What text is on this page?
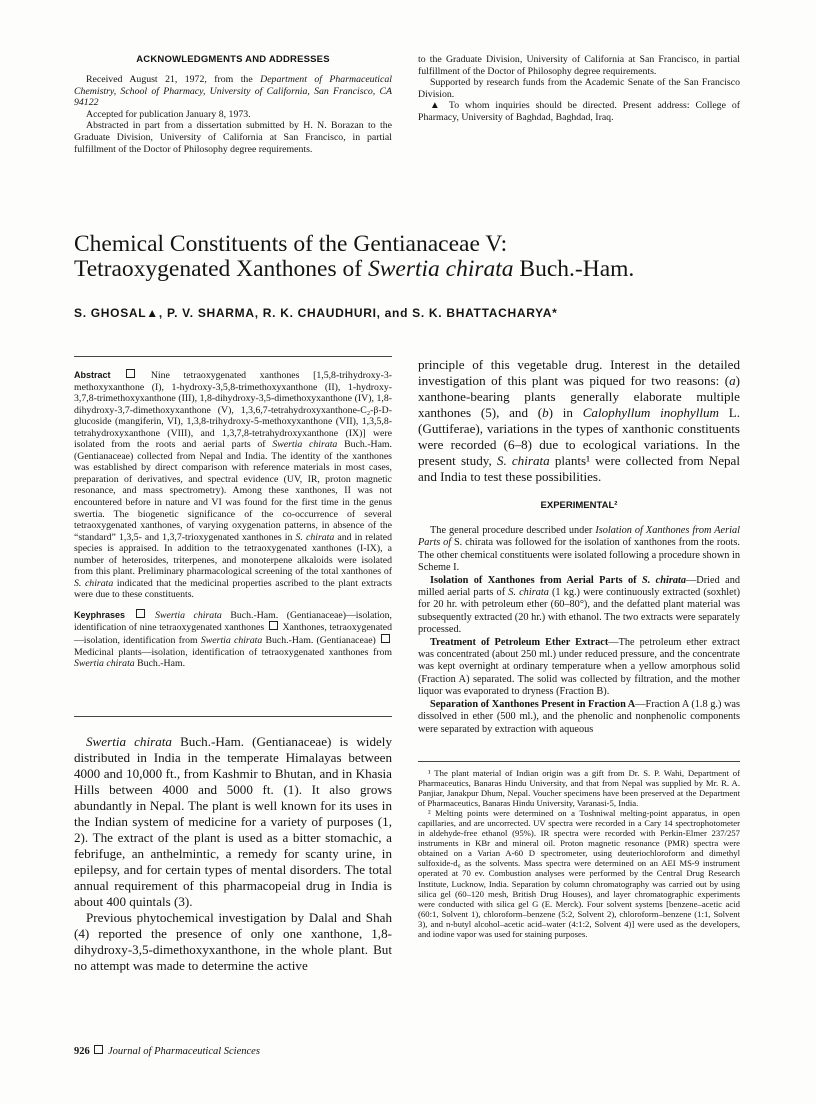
ACKNOWLEDGMENTS AND ADDRESSES

Received August 21, 1972, from the Department of Pharmaceutical Chemistry, School of Pharmacy, University of California, San Francisco, CA 94122

Accepted for publication January 8, 1973.

Abstracted in part from a dissertation submitted by H. N. Borazan to the Graduate Division, University of California at San Francisco, in partial fulfillment of the Doctor of Philosophy degree requirements.

to the Graduate Division, University of California at San Francisco, in partial fulfillment of the Doctor of Philosophy degree requirements.

Supported by research funds from the Academic Senate of the San Francisco Division.

▲ To whom inquiries should be directed. Present address: College of Pharmacy, University of Baghdad, Baghdad, Iraq.

Chemical Constituents of the Gentianaceae V:
Tetraoxygenated Xanthones of Swertia chirata Buch.-Ham.
S. GHOSAL▲, P. V. SHARMA, R. K. CHAUDHURI, and S. K. BHATTACHARYA*

Abstract	Nine tetraoxygenated xanthones [1,5,8-trihydroxy-3-methoxyxanthone (I), 1-hydroxy-3,5,8-trimethoxyxanthone (II), 1-hydroxy-3,7,8-trimethoxyxanthone (III), 1,8-dihydroxy-3,5-dimethoxyxanthone (IV), 1,8-dihydroxy-3,7-dimethoxyxanthone (V), 1,3,6,7-tetrahydroxyxanthone-C₂-β-D-glucoside (mangiferin, VI), 1,3,8-trihydroxy-5-methoxyxanthone (VII), 1,3,5,8-tetrahydroxyxanthone (VIII), and 1,3,7,8-tetrahydroxyxanthone (IX)] were isolated from the roots and aerial parts of Swertia chirata Buch.-Ham. (Gentianaceae) collected from Nepal and India. The identity of the xanthones was established by direct comparison with reference materials in most cases, preparation of derivatives, and spectral evidence (UV, IR, proton magnetic resonance, and mass spectrometry). Among these xanthones, II was not encountered before in nature and VI was found for the first time in the genus swertia. The biogenetic significance of the co-occurrence of several tetraoxygenated xanthones, of varying oxygenation patterns, in absence of the “standard” 1,3,5- and 1,3,7-trioxygenated xanthones in S. chirata and in related species is appraised. In addition to the tetraoxygenated xanthones (I-IX), a number of heterosides, triterpenes, and monoterpene alkaloids were isolated from this plant. Preliminary pharmacological screening of the total xanthones of S. chirata indicated that the medicinal properties ascribed to the plant extracts were due to these constituents.

Keyphrases	Swertia chirata Buch.-Ham. (Gentianaceae)—isolation, identification of nine tetraoxygenated xanthones Xanthones, tetraoxygenated—isolation, identification from Swertia chirata Buch.-Ham. (Gentianaceae)  Medicinal plants—isolation, identification of tetraoxygenated xanthones from Swertia chirata Buch.-Ham.

Swertia chirata Buch.-Ham. (Gentianaceae) is widely distributed in India in the temperate Himalayas between 4000 and 10,000 ft., from Kashmir to Bhutan, and in Khasia Hills between 4000 and 5000 ft. (1). It also grows abundantly in Nepal. The plant is well known for its uses in the Indian system of medicine for a variety of purposes (1, 2). The extract of the plant is used as a bitter stomachic, a febrifuge, an anthelmintic, a remedy for scanty urine, in epilepsy, and for certain types of mental disorders. The total annual requirement of this pharmacopeial drug in India is about 400 quintals (3).

Previous phytochemical investigation by Dalal and Shah (4) reported the presence of only one xanthone, 1,8-dihydroxy-3,5-dimethoxyxanthone, in the whole plant. But no attempt was made to determine the active

principle of this vegetable drug. Interest in the detailed investigation of this plant was piqued for two reasons: (a) xanthone-bearing plants generally elaborate multiple xanthones (5), and (b) in Calophyllum inophyllum L. (Guttiferae), variations in the types of xanthonic constituents were recorded (6–8) due to ecological variations. In the present study, S. chirata plants¹ were collected from Nepal and India to test these possibilities.

EXPERIMENTAL²

The general procedure described under Isolation of Xanthones from Aerial Parts of S. chirata was followed for the isolation of xanthones from the roots. The other chemical constituents were isolated following a procedure shown in Scheme I.

Isolation of Xanthones from Aerial Parts of S. chirata—Dried and milled aerial parts of S. chirata (1 kg.) were continuously extracted (soxhlet) for 20 hr. with petroleum ether (60–80°), and the defatted plant material was subsequently extracted (20 hr.) with ethanol. The two extracts were separately processed.

Treatment of Petroleum Ether Extract—The petroleum ether extract was concentrated (about 250 ml.) under reduced pressure, and the concentrate was kept overnight at ordinary temperature when a yellow amorphous solid (Fraction A) separated. The solid was collected by filtration, and the mother liquor was evaporated to dryness (Fraction B).

Separation of Xanthones Present in Fraction A—Fraction A (1.8 g.) was dissolved in ether (500 ml.), and the phenolic and nonphenolic components were separated by extraction with aqueous

¹ The plant material of Indian origin was a gift from Dr. S. P. Wahi, Department of Pharmaceutics, Banaras Hindu University, and that from Nepal was supplied by Mr. R. A. Panjiar, Janakpur Dhum, Nepal. Voucher specimens have been preserved at the Department of Pharmaceutics, Banaras Hindu University, Varanasi-5, India.

² Melting points were determined on a Toshniwal melting-point apparatus, in open capillaries, and are uncorrected. UV spectra were recorded in a Cary 14 spectrophotometer in aldehyde-free ethanol (95%). IR spectra were recorded with Perkin-Elmer 237/257 instruments in KBr and mineral oil. Proton magnetic resonance (PMR) spectra were obtained on a Varian A-60 D spectrometer, using deuteriochloroform and dimethyl sulfoxide-d₆ as the solvents. Mass spectra were determined on an AEI MS-9 instrument operated at 70 ev. Combustion analyses were performed by the Central Drug Research Institute, Lucknow, India. Separation by column chromatography was carried out by using silica gel (60–120 mesh, British Drug Houses), and layer chromatographic experiments were conducted with silica gel G (E. Merck). Four solvent systems [benzene–acetic acid (60:1, Solvent 1), chloroform–benzene (5:2, Solvent 2), chloroform–benzene (1:1, Solvent 3), and n-butyl alcohol–acetic acid–water (4:1:2, Solvent 4)] were used as the developers, and iodine vapor was used for staining purposes.

926 Journal of Pharmaceutical Sciences
